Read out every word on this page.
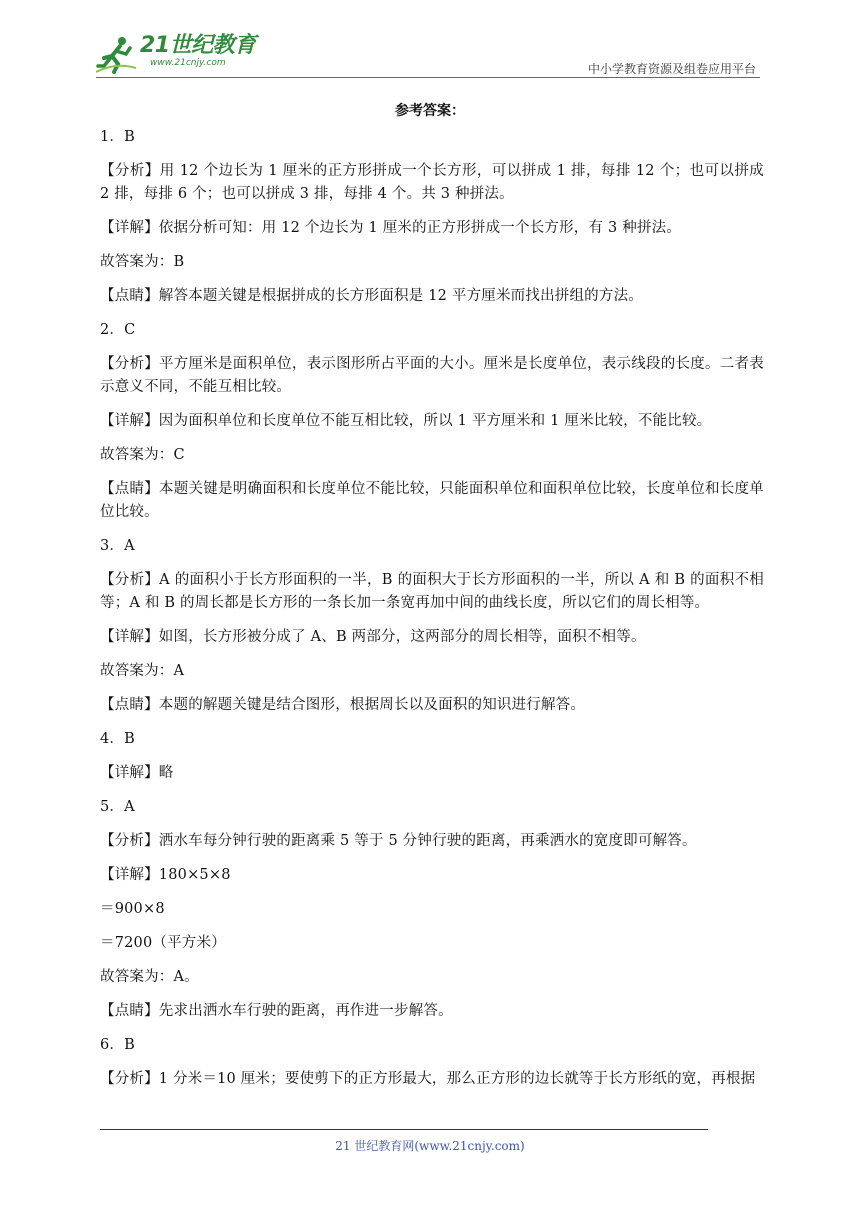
21世纪教育
www.21cnjy.com	中小学教育资源及组卷应用平台
参考答案：

1．B

【分析】用 12 个边长为 1 厘米的正方形拼成一个长方形，可以拼成 1 排，每排 12 个；也可以拼成 2 排，每排 6 个；也可以拼成 3 排，每排 4 个。共 3 种拼法。

【详解】依据分析可知：用 12 个边长为 1 厘米的正方形拼成一个长方形，有 3 种拼法。

故答案为：B

【点睛】解答本题关键是根据拼成的长方形面积是 12 平方厘米而找出拼组的方法。

2．C

【分析】平方厘米是面积单位，表示图形所占平面的大小。厘米是长度单位，表示线段的长度。二者表示意义不同，不能互相比较。

【详解】因为面积单位和长度单位不能互相比较，所以 1 平方厘米和 1 厘米比较，不能比较。

故答案为：C

【点睛】本题关键是明确面积和长度单位不能比较，只能面积单位和面积单位比较，长度单位和长度单位比较。

3．A

【分析】A 的面积小于长方形面积的一半，B 的面积大于长方形面积的一半，所以 A 和 B 的面积不相等；A 和 B 的周长都是长方形的一条长加一条宽再加中间的曲线长度，所以它们的周长相等。

【详解】如图，长方形被分成了 A、B 两部分，这两部分的周长相等，面积不相等。

故答案为：A

【点睛】本题的解题关键是结合图形，根据周长以及面积的知识进行解答。

4．B

【详解】略

5．A

【分析】洒水车每分钟行驶的距离乘 5 等于 5 分钟行驶的距离，再乘洒水的宽度即可解答。

【详解】180×5×8

＝900×8

＝7200（平方米）

故答案为：A。

【点睛】先求出洒水车行驶的距离，再作进一步解答。

6．B

【分析】1 分米＝10 厘米；要使剪下的正方形最大，那么正方形的边长就等于长方形纸的宽，再根据

21 世纪教育网(www.21cnjy.com)
